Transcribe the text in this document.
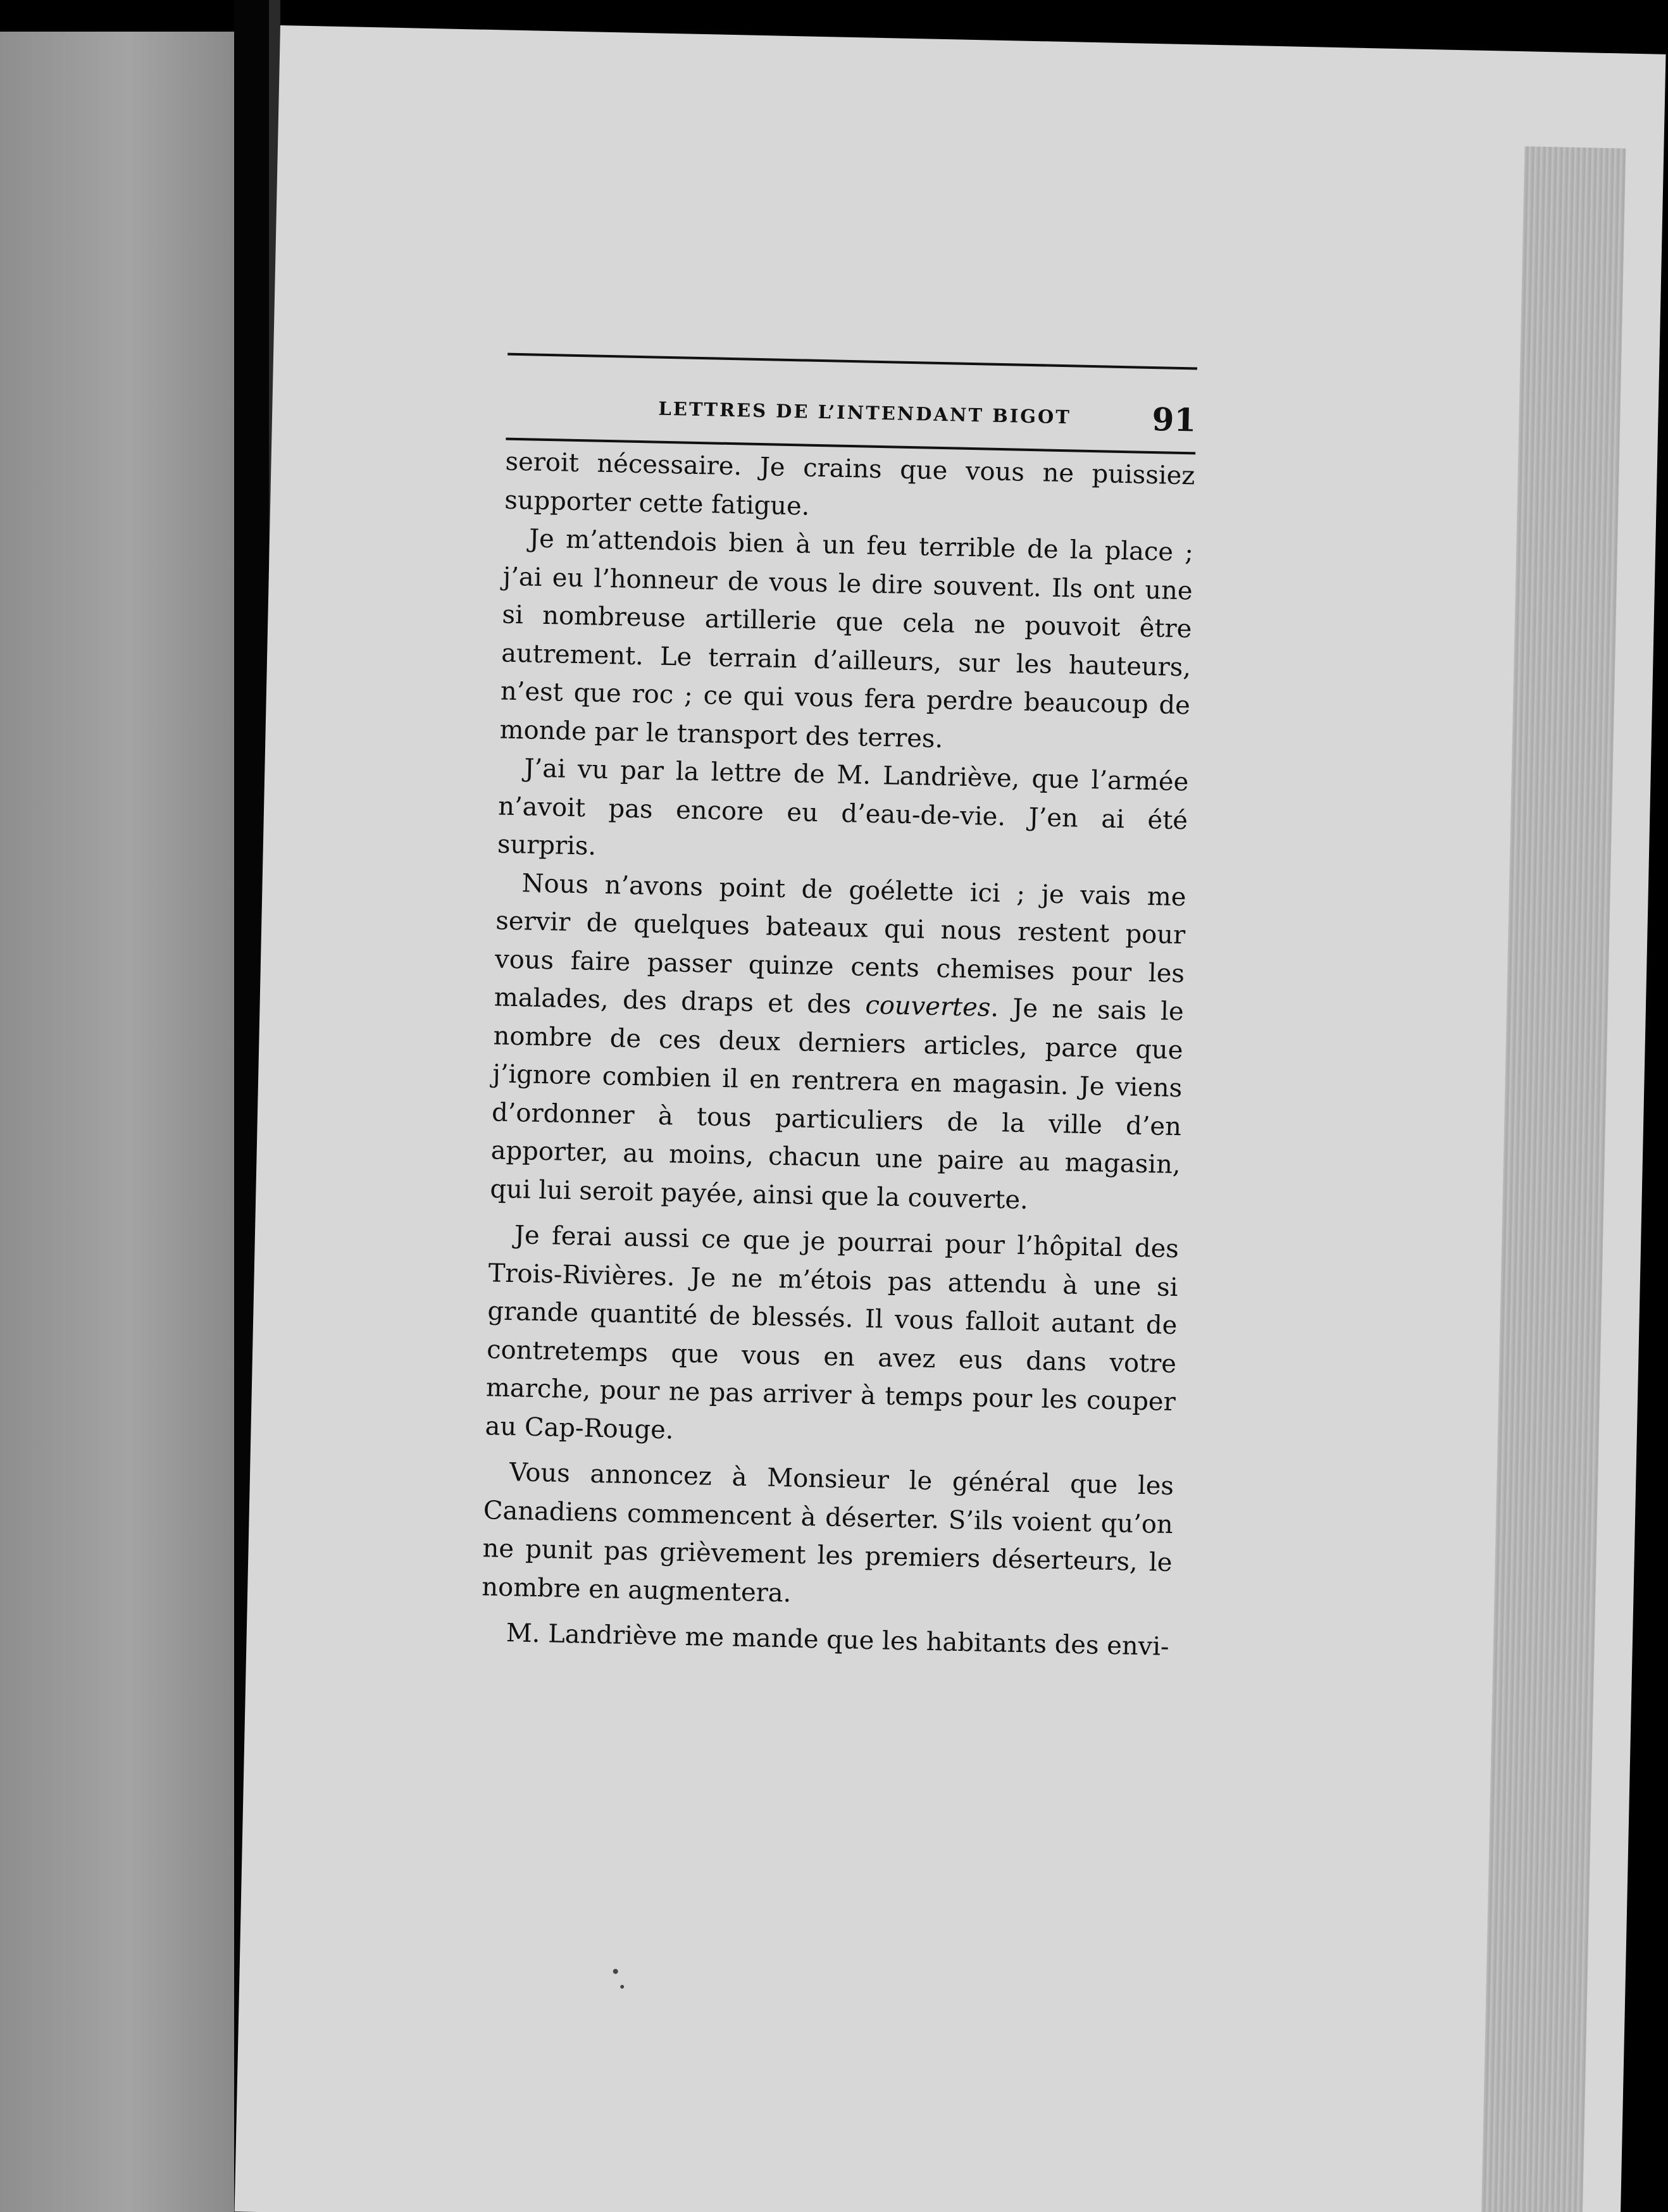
LETTRES DE L’INTENDANT BIGOT	91

seroit nécessaire. Je crains que vous ne puissiez supporter cette fatigue.

Je m’attendois bien à un feu terrible de la place ; j’ai eu l’honneur de vous le dire souvent. Ils ont une si nombreuse artillerie que cela ne pouvoit être autrement. Le terrain d’ailleurs, sur les hauteurs, n’est que roc ; ce qui vous fera perdre beaucoup de monde par le transport des terres.

J’ai vu par la lettre de M. Landriève, que l’armée n’avoit pas encore eu d’eau-de-vie. J’en ai été surpris.

Nous n’avons point de goélette ici ; je vais me servir de quelques bateaux qui nous restent pour vous faire passer quinze cents chemises pour les malades, des draps et des couvertes. Je ne sais le nombre de ces deux derniers articles, parce que j’ignore combien il en rentrera en magasin. Je viens d’ordonner à tous particuliers de la ville d’en apporter, au moins, chacun une paire au magasin, qui lui seroit payée, ainsi que la couverte.

Je ferai aussi ce que je pourrai pour l’hôpital des Trois-Rivières. Je ne m’étois pas attendu à une si grande quantité de blessés. Il vous falloit autant de contretemps que vous en avez eus dans votre marche, pour ne pas arriver à temps pour les couper au Cap-Rouge.

Vous annoncez à Monsieur le général que les Canadiens commencent à déserter. S’ils voient qu’on ne punit pas grièvement les premiers déserteurs, le nombre en augmentera.

M. Landriève me mande que les habitants des envi-
